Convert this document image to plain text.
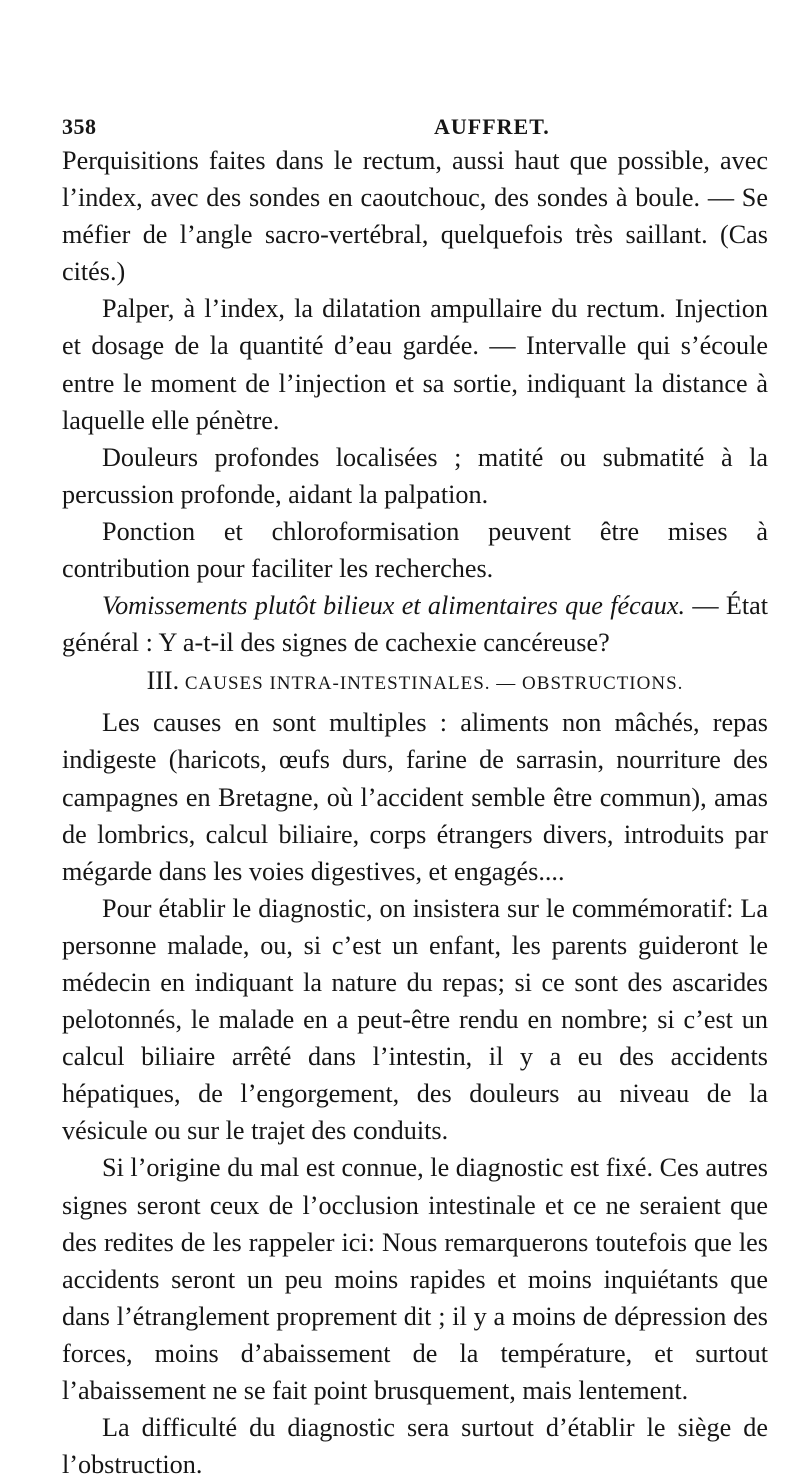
358	AUFFRET.

Perquisitions faites dans le rectum, aussi haut que possible, avec l’index, avec des sondes en caoutchouc, des sondes à boule. — Se méfier de l’angle sacro-vertébral, quelquefois très saillant. (Cas cités.)

Palper, à l’index, la dilatation ampullaire du rectum. Injection et dosage de la quantité d’eau gardée. — Intervalle qui s’écoule entre le moment de l’injection et sa sortie, indiquant la distance à laquelle elle pénètre.

Douleurs profondes localisées ; matité ou submatité à la percussion profonde, aidant la palpation.

Ponction et chloroformisation peuvent être mises à contribution pour faciliter les recherches.

Vomissements plutôt bilieux et alimentaires que fécaux. — État général : Y a-t-il des signes de cachexie cancéreuse?

III. CAUSES INTRA-INTESTINALES. — OBSTRUCTIONS.

Les causes en sont multiples : aliments non mâchés, repas indigeste (haricots, œufs durs, farine de sarrasin, nourriture des campagnes en Bretagne, où l’accident semble être commun), amas de lombrics, calcul biliaire, corps étrangers divers, introduits par mégarde dans les voies digestives, et engagés....

Pour établir le diagnostic, on insistera sur le commémoratif: La personne malade, ou, si c’est un enfant, les parents guideront le médecin en indiquant la nature du repas; si ce sont des ascarides pelotonnés, le malade en a peut-être rendu en nombre; si c’est un calcul biliaire arrêté dans l’intestin, il y a eu des accidents hépatiques, de l’engorgement, des douleurs au niveau de la vésicule ou sur le trajet des conduits.

Si l’origine du mal est connue, le diagnostic est fixé. Ces autres signes seront ceux de l’occlusion intestinale et ce ne seraient que des redites de les rappeler ici: Nous remarquerons toutefois que les accidents seront un peu moins rapides et moins inquiétants que dans l’étranglement proprement dit ; il y a moins de dépression des forces, moins d’abaissement de la température, et surtout l’abaissement ne se fait point brusquement, mais lentement.

La difficulté du diagnostic sera surtout d’établir le siège de l’obstruction.
